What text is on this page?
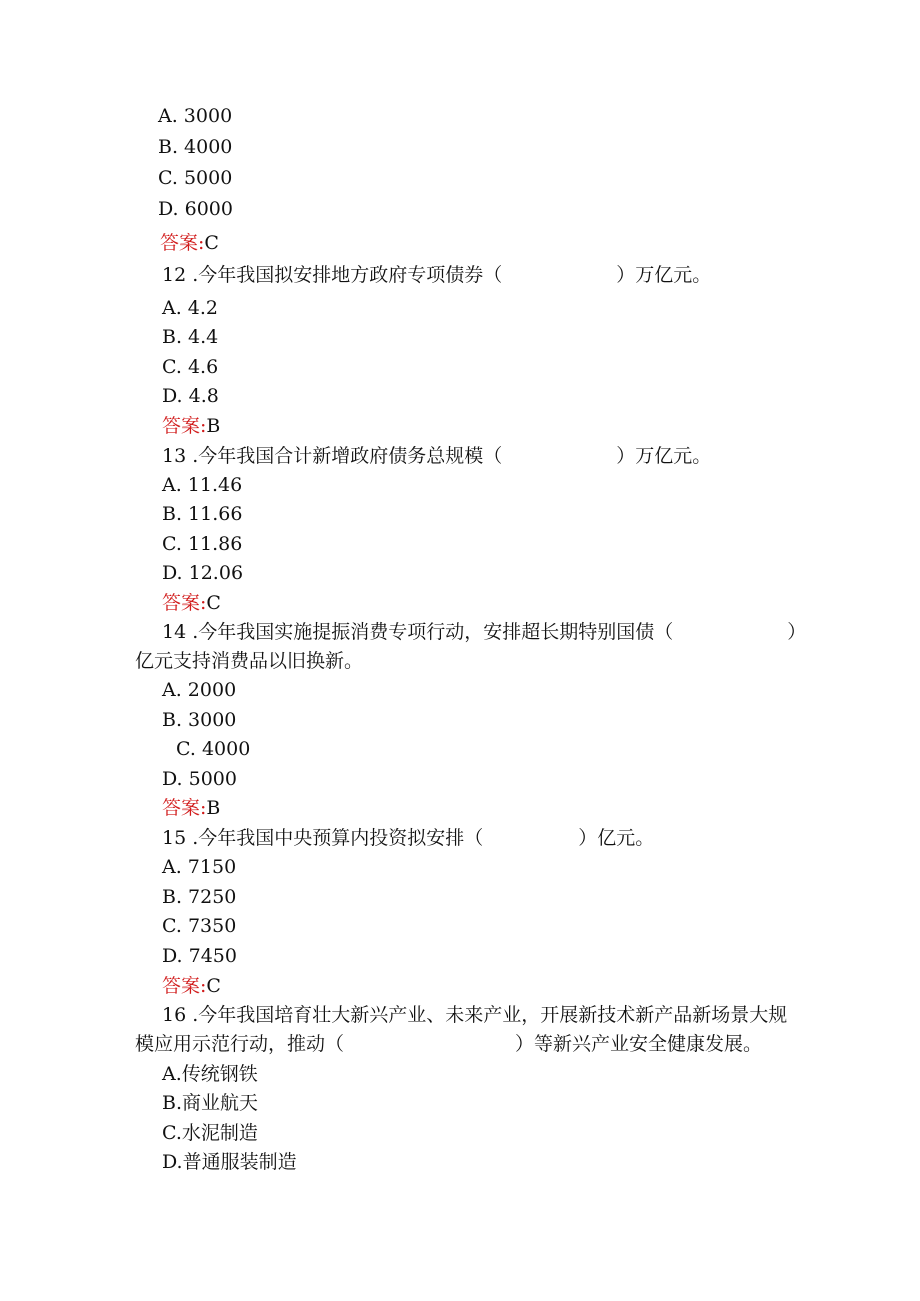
A. 3000
B. 4000
C. 5000
D. 6000
答案:C
12 .今年我国拟安排地方政府专项债券（　　　　　　）万亿元。
A. 4.2
B. 4.4
C. 4.6
D. 4.8
答案:B
13 .今年我国合计新增政府债务总规模（　　　　　　）万亿元。
A. 11.46
B. 11.66
C. 11.86
D. 12.06
答案:C
14 .今年我国实施提振消费专项行动，安排超长期特别国债（　　　　　　）
亿元支持消费品以旧换新。
A. 2000
B. 3000
C. 4000
D. 5000
答案:B
15 .今年我国中央预算内投资拟安排（　　　　　）亿元。
A. 7150
B. 7250
C. 7350
D. 7450
答案:C
16 .今年我国培育壮大新兴产业、未来产业，开展新技术新产品新场景大规
模应用示范行动，推动（　　　　　　　　　）等新兴产业安全健康发展。
A.传统钢铁
B.商业航天
C.水泥制造
D.普通服装制造
